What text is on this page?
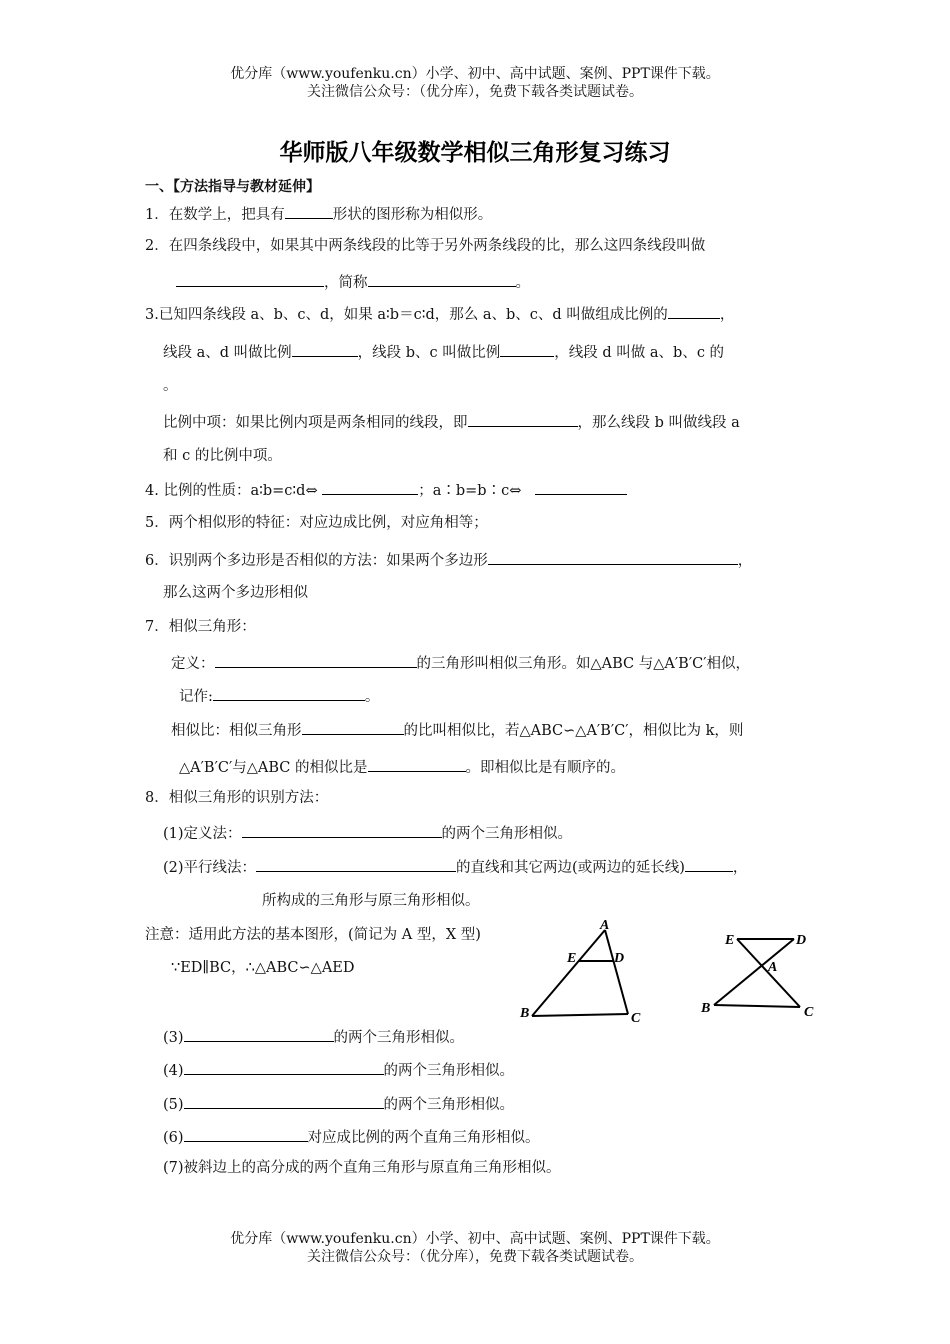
优分库（www.youfenku.cn）小学、初中、高中试题、案例、PPT课件下载。
关注微信公众号：（优分库），免费下载各类试题试卷。
华师版八年级数学相似三角形复习练习
一、【方法指导与教材延伸】
1．在数学上，把具有	形状的图形称为相似形。
2．在四条线段中，如果其中两条线段的比等于另外两条线段的比，那么这四条线段叫做
，简称	。
3.已知四条线段 a、b、c、d，如果 a∶b＝c∶d，那么 a、b、c、d 叫做组成比例的	，
线段 a、d 叫做比例	，线段 b、c 叫做比例	，线段 d 叫做 a、b、c 的
。
比例中项：如果比例内项是两条相同的线段，即	，那么线段 b 叫做线段 a
和 c 的比例中项。
4. 比例的性质：a∶b=c∶d⇔	；a∶b=b∶c⇔
5．两个相似形的特征：对应边成比例，对应角相等；
6．识别两个多边形是否相似的方法：如果两个多边形	，
那么这两个多边形相似
7．相似三角形：
定义：	的三角形叫相似三角形。如△ABC 与△A′B′C′相似，
记作:	。
相似比：相似三角形	的比叫相似比，若△ABC∽△A′B′C′，相似比为 k，则
△A′B′C′与△ABC 的相似比是	。即相似比是有顺序的。
8．相似三角形的识别方法：
(1)定义法：	的两个三角形相似。
(2)平行线法：	的直线和其它两边(或两边的延长线)	，
所构成的三角形与原三角形相似。
注意：适用此方法的基本图形，(简记为 A 型，X 型)
∵ED∥BC，∴△ABC∽△AED
A
E	D
B	C
E	D
A
B	C
(3)	的两个三角形相似。
(4)	的两个三角形相似。
(5)	的两个三角形相似。
(6)	对应成比例的两个直角三角形相似。
(7)被斜边上的高分成的两个直角三角形与原直角三角形相似。
优分库（www.youfenku.cn）小学、初中、高中试题、案例、PPT课件下载。
关注微信公众号：（优分库），免费下载各类试题试卷。
